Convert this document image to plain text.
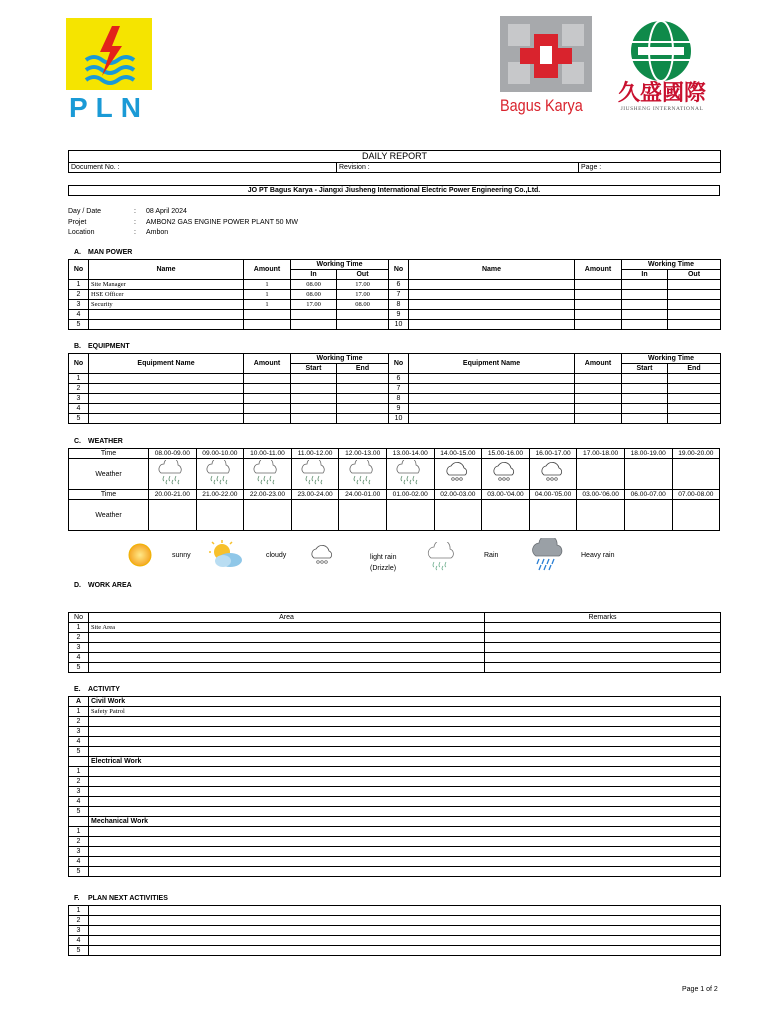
PLN	Bagus Karya	久盛國際
JIUSHENG INTERNATIONAL
DAILY REPORT
Document No. :	Revision :	Page :
JO PT Bagus Karya - Jiangxi Jiusheng International Electric Power Engineering Co.,Ltd.
Day / Date	: 08 April 2024
Projet	: AMBON2 GAS ENGINE POWER PLANT 50 MW
Location	: Ambon
A. MAN POWER
No	Name	Amount	Working Time		No	Name	Amount	Working Time	
			In	Out				In	Out
1	Site Manager	1	08.00	17.00	6				
2	HSE Officer	1	08.00	17.00	7				
3	Security	1	17.00	08.00	8				
4					9				
5					10				
B. EQUIPMENT
No	Equipment Name	Amount	Working Time		No	Equipment Name	Amount	Working Time	
			Start	End				Start	End
1					6				
2					7				
3					8				
4					9				
5					10				
C. WEATHER
Time	08.00-09.00	09.00-10.00	10.00-11.00	11.00-12.00	12.00-13.00	13.00-14.00	14.00-15.00	15.00-16.00	16.00-17.00	17.00-18.00	18.00-19.00	19.00-20.00
Weather												
Time	20.00-21.00	21.00-22.00	22.00-23.00	23.00-24.00	24.00-01.00	01.00-02.00	02.00-03.00	03.00-'04.00	04.00-'05.00	03.00-'06.00	06.00-07.00	07.00-08.00
Weather												
sunny	cloudy	light rain
(Drizzle)
Rain	Heavy rain
D. WORK AREA
No	Area	Remarks
1	Site Area	
2		
3		
4		
5		
E. ACTIVITY
A	Civil Work
1	Safety Patrol
2	
3	
4	
5	
	Electrical Work
1	
2	
3	
4	
5	
	Mechanical Work
1	
2	
3	
4	
5	
F. PLAN NEXT ACTIVITIES
1	
2	
3	
4	
5	
Page 1 of 2
